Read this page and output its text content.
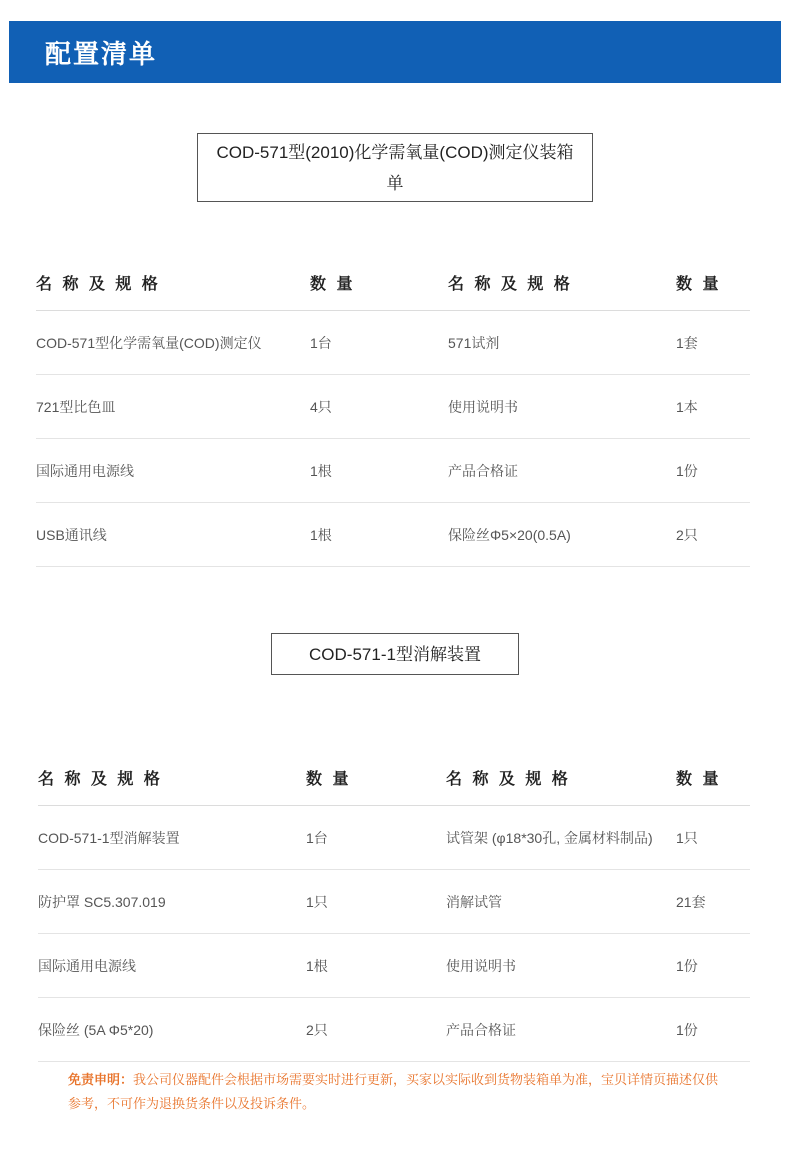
配置清单
COD-571型(2010)化学需氧量(COD)测定仪装箱单
名 称 及 规 格	数 量	名 称 及 规 格	数 量
COD-571型化学需氧量(COD)测定仪	1台	571试剂	1套
721型比色皿	4只	使用说明书	1本
国际通用电源线	1根	产品合格证	1份
USB通讯线	1根	保险丝Φ5×20(0.5A)	2只
COD-571-1型消解装置
名 称 及 规 格	数 量	名 称 及 规 格	数 量
COD-571-1型消解装置	1台	试管架 (φ18*30孔, 金属材料制品)	1只
防护罩 SC5.307.019	1只	消解试管	21套
国际通用电源线	1根	使用说明书	1份
保险丝 (5A Φ5*20)	2只	产品合格证	1份
免责申明：我公司仪器配件会根据市场需要实时进行更新，买家以实际收到货物装箱单为准，宝贝详情页描述仅供参考，不可作为退换货条件以及投诉条件。
